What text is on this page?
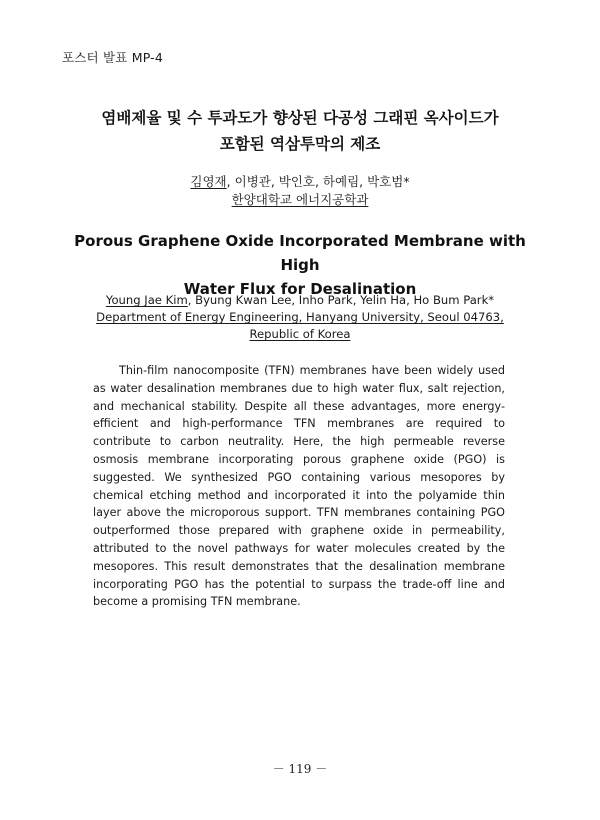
포스터 발표 MP-4
염배제율 및 수 투과도가 향상된 다공성 그래핀 옥사이드가
포함된 역삼투막의 제조
김영재, 이병관, 박인호, 하예림, 박호범*
한양대학교 에너지공학과
Porous Graphene Oxide Incorporated Membrane with High
Water Flux for Desalination
Young Jae Kim, Byung Kwan Lee, Inho Park, Yelin Ha, Ho Bum Park*
Department of Energy Engineering, Hanyang University, Seoul 04763,
Republic of Korea

Thin-film nanocomposite (TFN) membranes have been widely used as water desalination membranes due to high water flux, salt rejection, and mechanical stability. Despite all these advantages, more energy-efficient and high-performance TFN membranes are required to contribute to carbon neutrality. Here, the high permeable reverse osmosis membrane incorporating porous graphene oxide (PGO) is suggested. We synthesized PGO containing various mesopores by chemical etching method and incorporated it into the polyamide thin layer above the microporous support. TFN membranes containing PGO outperformed those prepared with graphene oxide in permeability, attributed to the novel pathways for water molecules created by the mesopores. This result demonstrates that the desalination membrane incorporating PGO has the potential to surpass the trade-off line and become a promising TFN membrane.

－ 119 －
